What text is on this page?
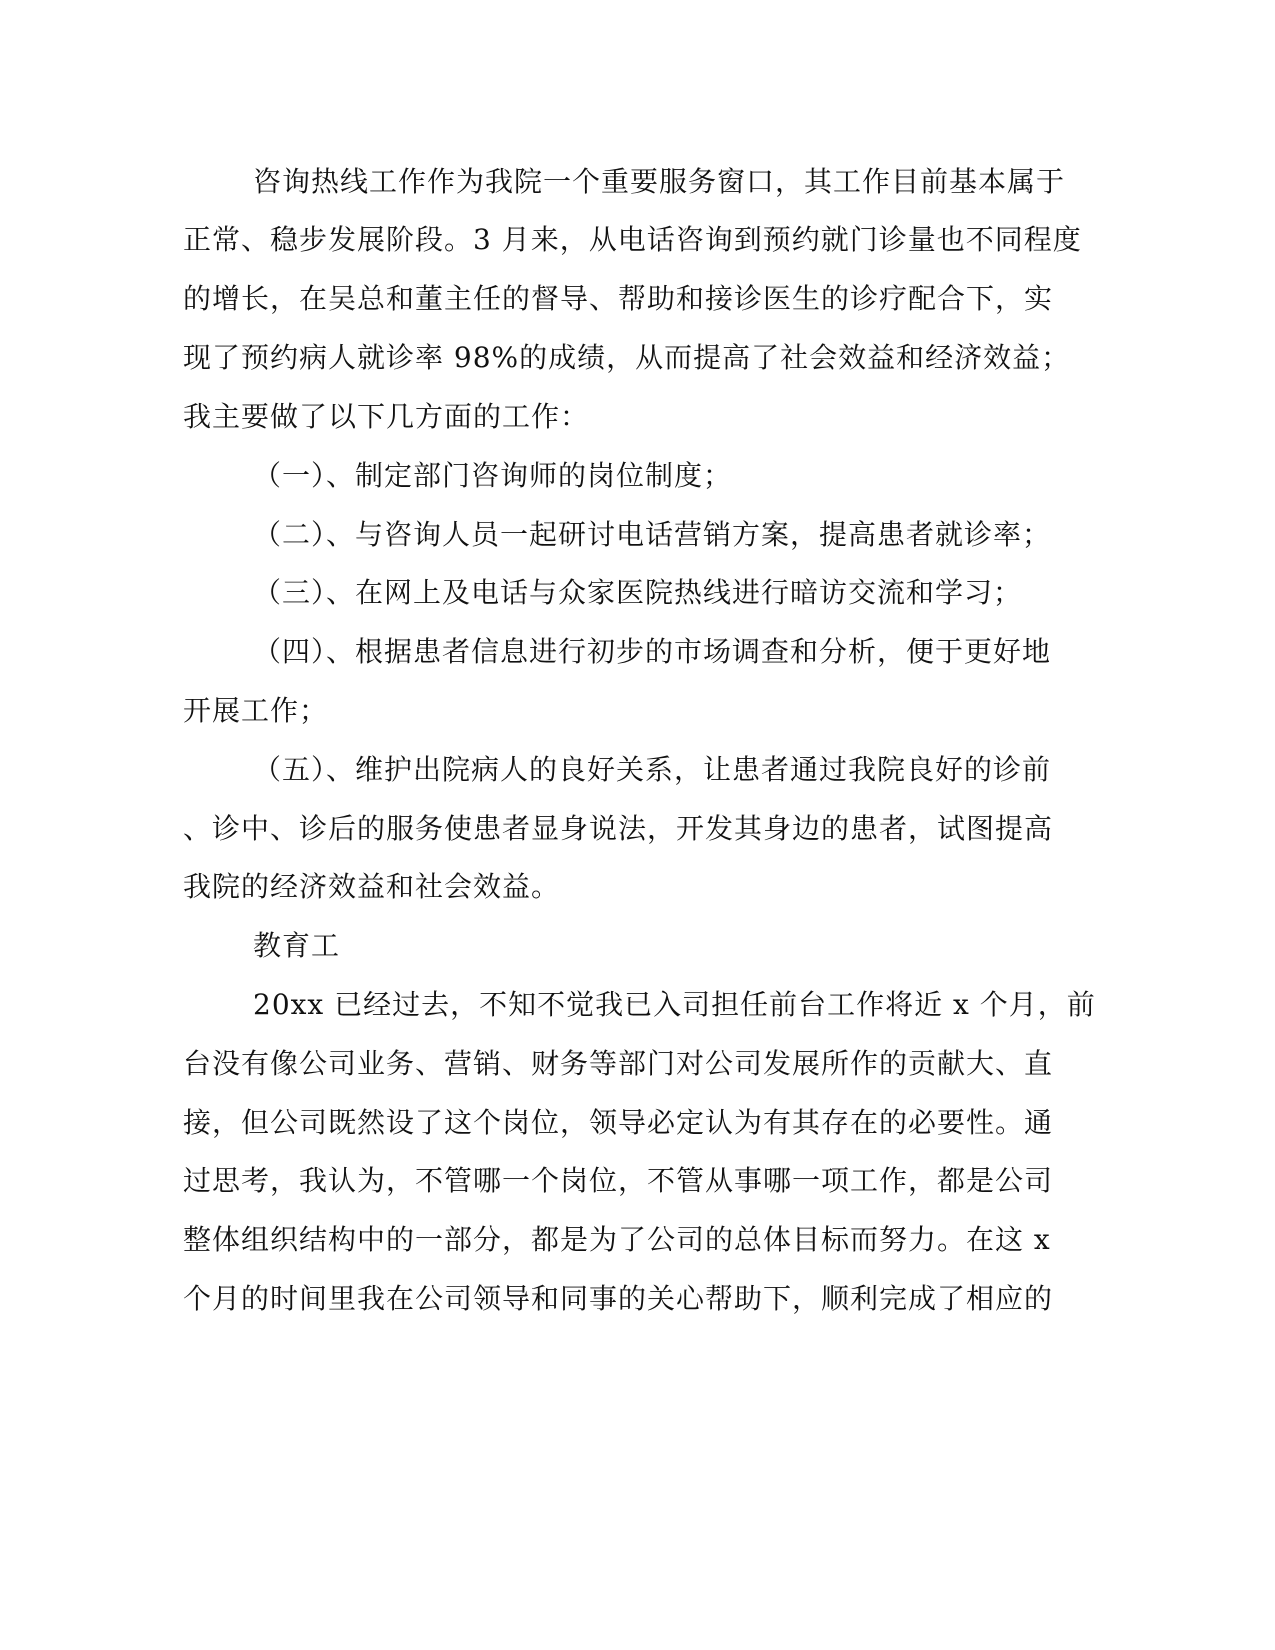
咨询热线工作作为我院一个重要服务窗口，其工作目前基本属于
正常、稳步发展阶段。3 月来，从电话咨询到预约就门诊量也不同程度
的增长，在吴总和董主任的督导、帮助和接诊医生的诊疗配合下，实
现了预约病人就诊率 98%的成绩，从而提高了社会效益和经济效益；
我主要做了以下几方面的工作：
（一）、制定部门咨询师的岗位制度；
（二）、与咨询人员一起研讨电话营销方案，提高患者就诊率；
（三）、在网上及电话与众家医院热线进行暗访交流和学习；
（四）、根据患者信息进行初步的市场调查和分析，便于更好地
开展工作；
（五）、维护出院病人的良好关系，让患者通过我院良好的诊前
、诊中、诊后的服务使患者显身说法，开发其身边的患者，试图提高
我院的经济效益和社会效益。
教育工
20xx 已经过去，不知不觉我已入司担任前台工作将近 x 个月，前
台没有像公司业务、营销、财务等部门对公司发展所作的贡献大、直
接，但公司既然设了这个岗位，领导必定认为有其存在的必要性。通
过思考，我认为，不管哪一个岗位，不管从事哪一项工作，都是公司
整体组织结构中的一部分，都是为了公司的总体目标而努力。在这 x
个月的时间里我在公司领导和同事的关心帮助下，顺利完成了相应的
